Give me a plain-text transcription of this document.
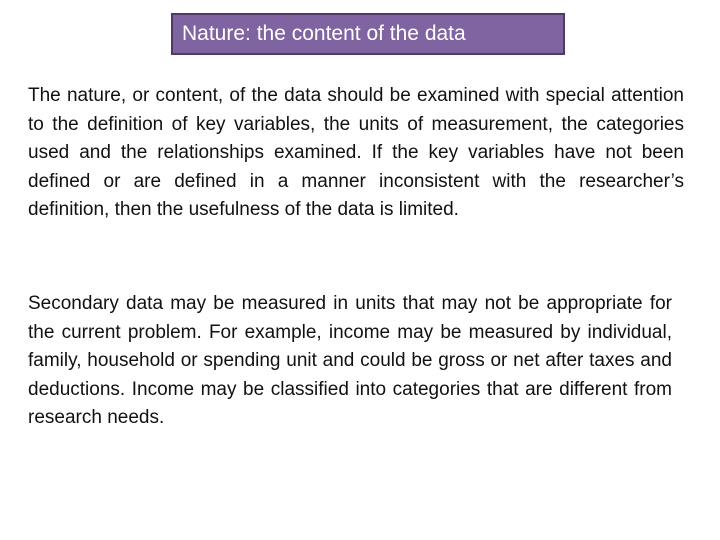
Nature: the content of the data

The nature, or content, of the data should be examined with special attention to the definition of key variables, the units of measurement, the categories used and the relationships examined. If the key variables have not been defined or are defined in a manner inconsistent with the researcher’s definition, then the usefulness of the data is limited.

Secondary data may be measured in units that may not be appropriate for the current problem. For example, income may be measured by individual, family, household or spending unit and could be gross or net after taxes and deductions. Income may be classified into categories that are different from research needs.
